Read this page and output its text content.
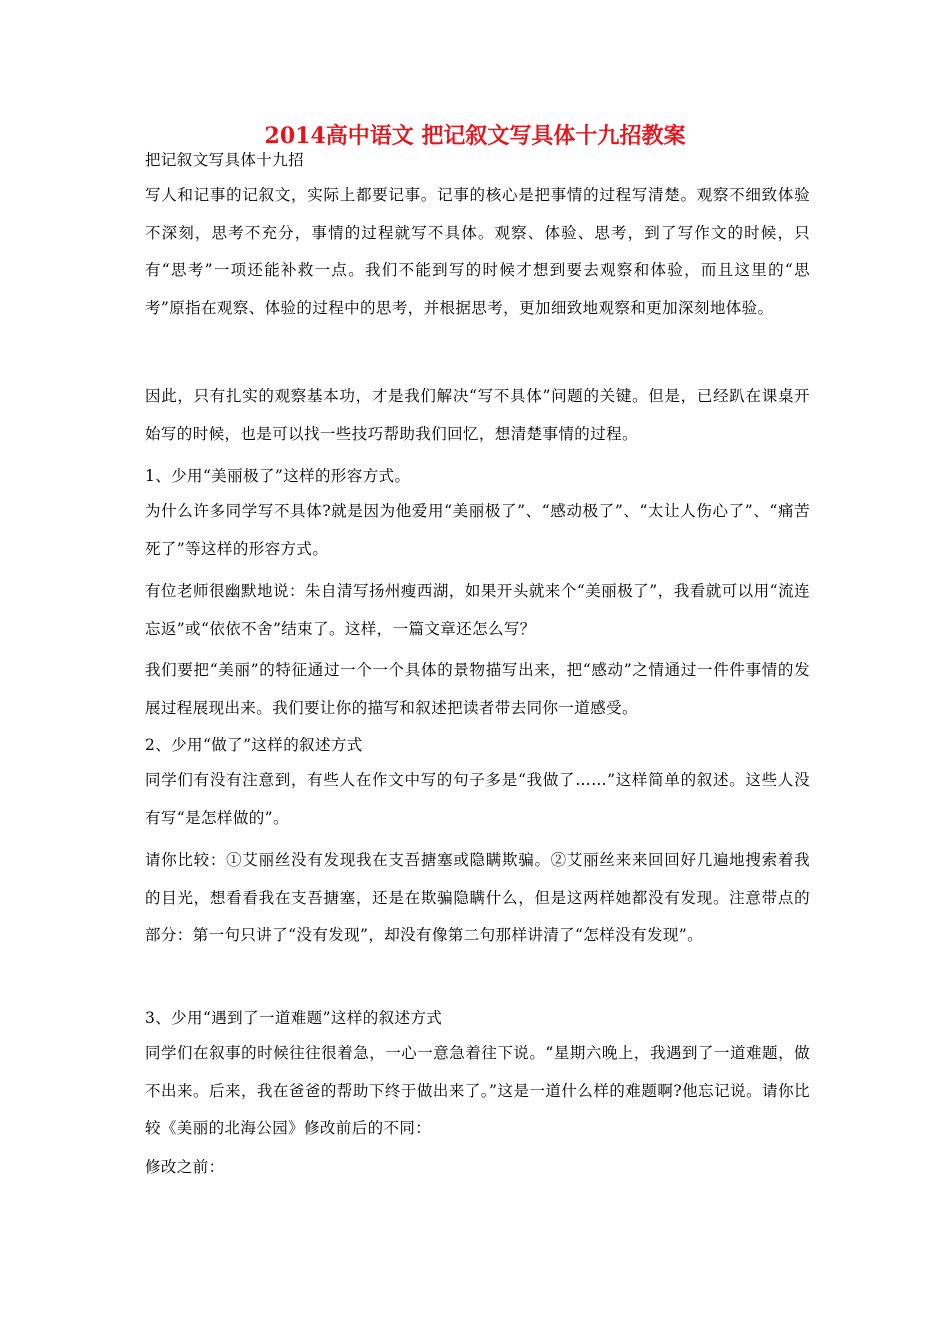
2014高中语文 把记叙文写具体十九招教案
把记叙文写具体十九招

写人和记事的记叙文，实际上都要记事。记事的核心是把事情的过程写清楚。观察不细致体验不深刻，思考不充分，事情的过程就写不具体。观察、体验、思考，到了写作文的时候，只有“思考”一项还能补救一点。我们不能到写的时候才想到要去观察和体验，而且这里的“思考”原指在观察、体验的过程中的思考，并根据思考，更加细致地观察和更加深刻地体验。

因此，只有扎实的观察基本功，才是我们解决“写不具体”问题的关键。但是，已经趴在课桌开始写的时候，也是可以找一些技巧帮助我们回忆，想清楚事情的过程。

1、少用“美丽极了”这样的形容方式。

为什么许多同学写不具体?就是因为他爱用“美丽极了”、“感动极了”、“太让人伤心了”、“痛苦死了”等这样的形容方式。

有位老师很幽默地说：朱自清写扬州瘦西湖，如果开头就来个“美丽极了”，我看就可以用“流连忘返”或“依依不舍”结束了。这样，一篇文章还怎么写？

我们要把“美丽”的特征通过一个一个具体的景物描写出来，把“感动”之情通过一件件事情的发展过程展现出来。我们要让你的描写和叙述把读者带去同你一道感受。

2、少用“做了”这样的叙述方式

同学们有没有注意到，有些人在作文中写的句子多是“我做了……”这样简单的叙述。这些人没有写“是怎样做的”。

请你比较：①艾丽丝没有发现我在支吾搪塞或隐瞒欺骗。②艾丽丝来来回回好几遍地搜索着我的目光，想看看我在支吾搪塞，还是在欺骗隐瞒什么，但是这两样她都没有发现。注意带点的部分：第一句只讲了“没有发现”，却没有像第二句那样讲清了“怎样没有发现”。

3、少用“遇到了一道难题”这样的叙述方式

同学们在叙事的时候往往很着急，一心一意急着往下说。“星期六晚上，我遇到了一道难题，做不出来。后来，我在爸爸的帮助下终于做出来了。”这是一道什么样的难题啊?他忘记说。请你比较《美丽的北海公园》修改前后的不同：

修改之前：
